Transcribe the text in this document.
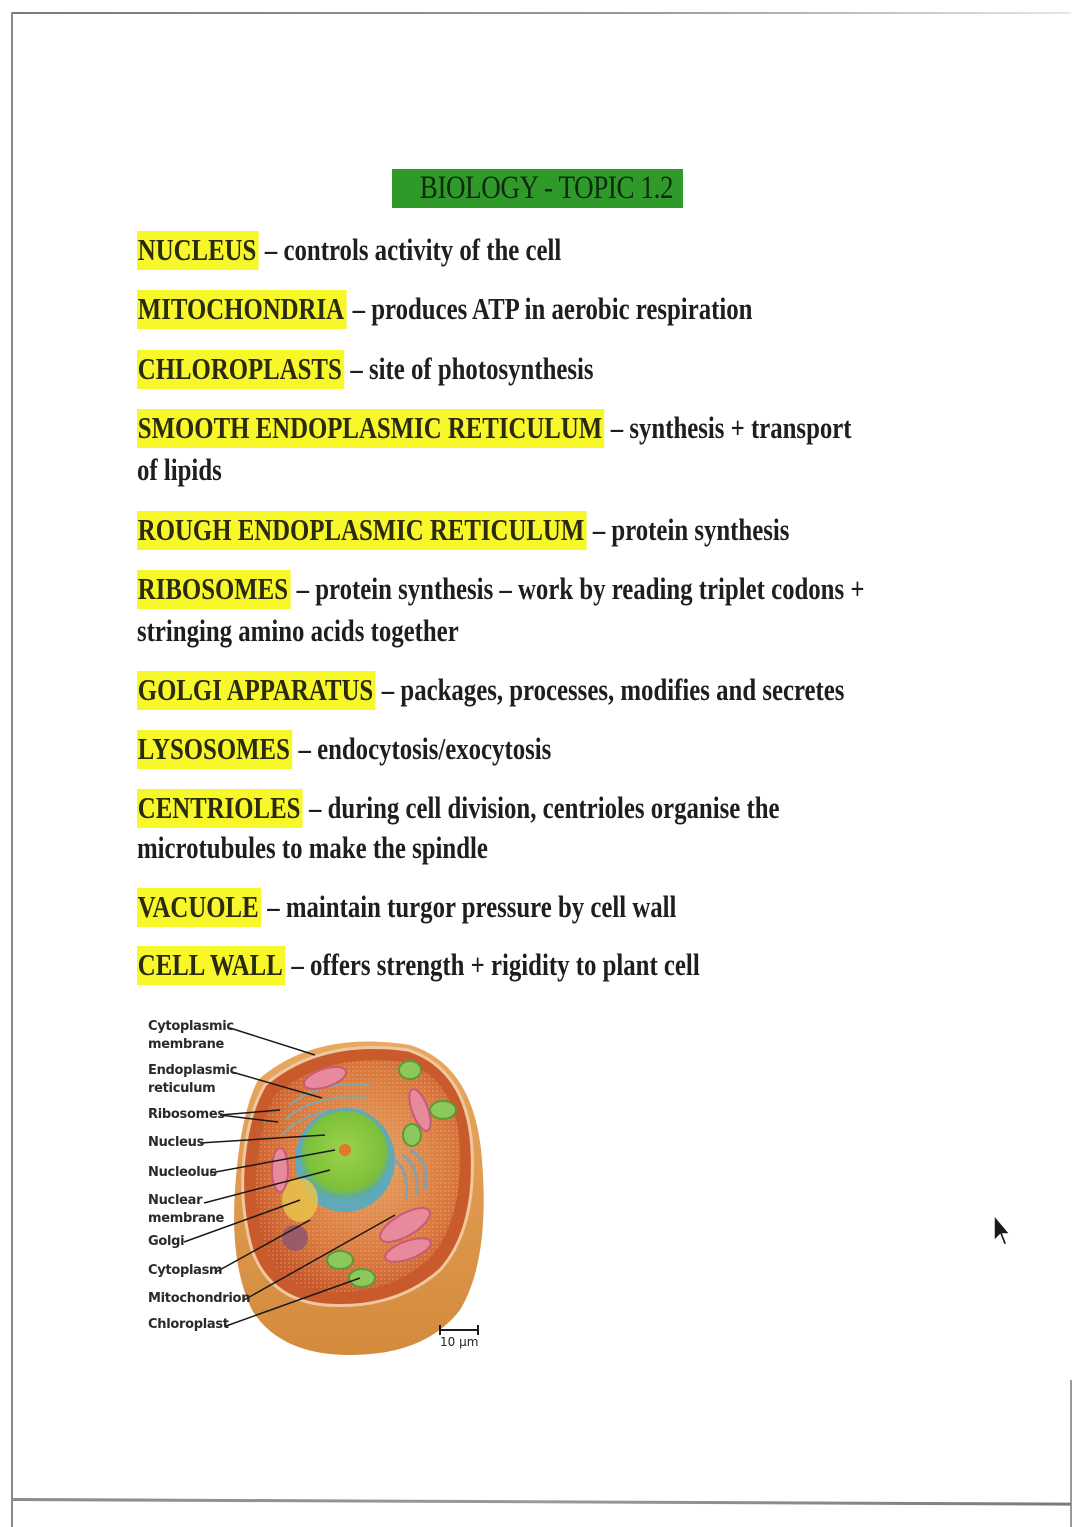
BIOLOGY - TOPIC 1.2
NUCLEUS – controls activity of the cell
MITOCHONDRIA – produces ATP in aerobic respiration
CHLOROPLASTS – site of photosynthesis
SMOOTH ENDOPLASMIC RETICULUM – synthesis + transport
of lipids
ROUGH ENDOPLASMIC RETICULUM – protein synthesis
RIBOSOMES – protein synthesis – work by reading triplet codons +
stringing amino acids together
GOLGI APPARATUS – packages, processes, modifies and secretes
LYSOSOMES – endocytosis/exocytosis
CENTRIOLES – during cell division, centrioles organise the
microtubules to make the spindle
VACUOLE – maintain turgor pressure by cell wall
CELL WALL – offers strength + rigidity to plant cell
Cytoplasmic
membrane
Endoplasmic
reticulum
Ribosomes
Nucleus
Nucleolus
Nuclear
membrane
Golgi
Cytoplasm
Mitochondrion
Chloroplast
10 µm
